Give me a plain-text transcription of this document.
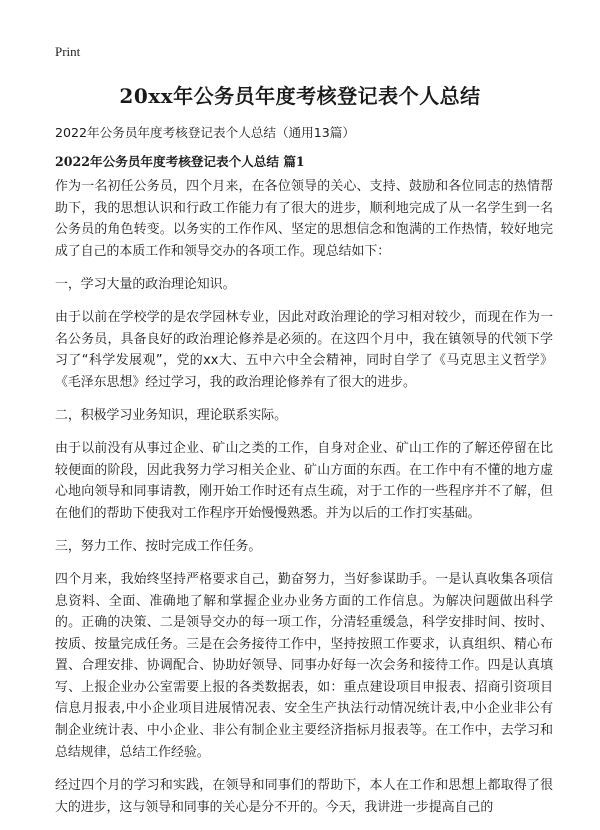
Print
20xx年公务员年度考核登记表个人总结
2022年公务员年度考核登记表个人总结（通用13篇）
2022年公务员年度考核登记表个人总结 篇1

作为一名初任公务员，四个月来，在各位领导的关心、支持、鼓励和各位同志的热情帮助下，我的思想认识和行政工作能力有了很大的进步，顺利地完成了从一名学生到一名公务员的角色转变。以务实的工作作风、坚定的思想信念和饱满的工作热情，较好地完成了自己的本质工作和领导交办的各项工作。现总结如下：

一，学习大量的政治理论知识。

由于以前在学校学的是农学园林专业，因此对政治理论的学习相对较少，而现在作为一名公务员，具备良好的政治理论修养是必须的。在这四个月中，我在镇领导的代领下学习了“科学发展观”，党的xx大、五中六中全会精神，同时自学了《马克思主义哲学》《毛泽东思想》经过学习，我的政治理论修养有了很大的进步。

二，积极学习业务知识，理论联系实际。

由于以前没有从事过企业、矿山之类的工作，自身对企业、矿山工作的了解还停留在比较便面的阶段，因此我努力学习相关企业、矿山方面的东西。在工作中有不懂的地方虚心地向领导和同事请教，刚开始工作时还有点生疏，对于工作的一些程序并不了解，但在他们的帮助下使我对工作程序开始慢慢熟悉。并为以后的工作打实基础。

三，努力工作、按时完成工作任务。

四个月来，我始终坚持严格要求自己，勤奋努力，当好参谋助手。一是认真收集各项信息资料、全面、准确地了解和掌握企业办业务方面的工作信息。为解决问题做出科学的。正确的决策、二是领导交办的每一项工作，分清轻重缓急，科学安排时间、按时、按质、按量完成任务。三是在会务接待工作中，坚持按照工作要求，认真组织、精心布置、合理安排、协调配合、协助好领导、同事办好每一次会务和接待工作。四是认真填写、上报企业办公室需要上报的各类数据表，如：重点建设项目申报表、招商引资项目信息月报表,中小企业项目进展情况表、安全生产执法行动情况统计表,中小企业非公有制企业统计表、中小企业、非公有制企业主要经济指标月报表等。在工作中，去学习和总结规律，总结工作经验。

经过四个月的学习和实践，在领导和同事们的帮助下，本人在工作和思想上都取得了很大的进步，这与领导和同事的关心是分不开的。今天，我讲进一步提高自己的
